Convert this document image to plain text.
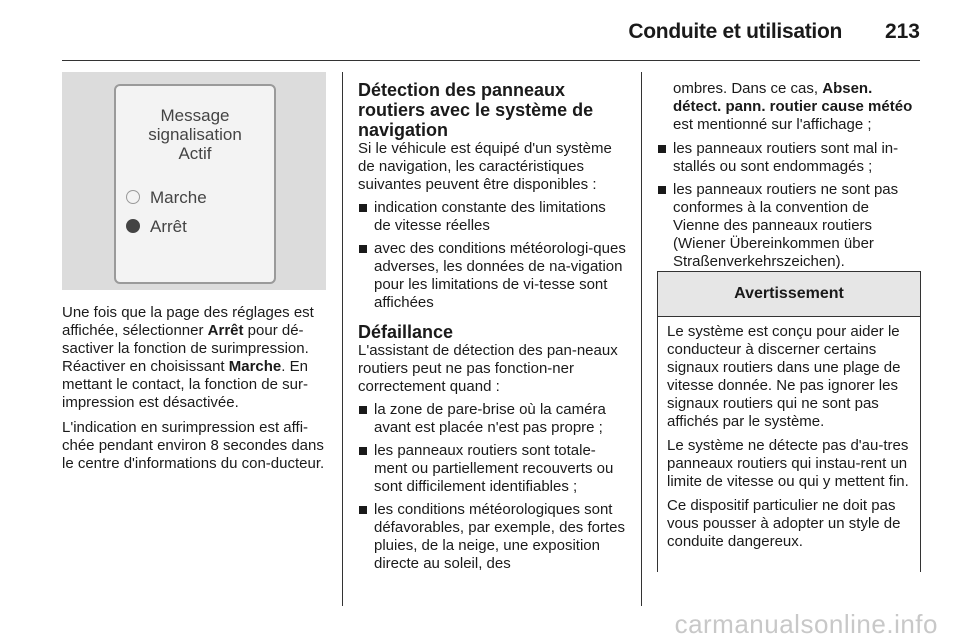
Conduite et utilisation 213
Message
signalisation
Actif
Marche
Arrêt

Une fois que la page des réglages est affichée, sélectionner Arrêt pour dé-sactiver la fonction de surimpression. Réactiver en choisissant Marche. En mettant le contact, la fonction de sur-impression est désactivée.

L'indication en surimpression est affi-chée pendant environ 8 secondes dans le centre d'informations du con-ducteur.

Détection des panneaux routiers avec le système de navigation

Si le véhicule est équipé d'un système de navigation, les caractéristiques suivantes peuvent être disponibles :

indication constante des limitations de vitesse réelles
avec des conditions météorologi-ques adverses, les données de na-vigation pour les limitations de vi-tesse sont affichées
Défaillance

L'assistant de détection des pan-neaux routiers peut ne pas fonction-ner correctement quand :

la zone de pare-brise où la caméra avant est placée n'est pas propre ;
les panneaux routiers sont totale-ment ou partiellement recouverts ou sont difficilement identifiables ;
les conditions météorologiques sont défavorables, par exemple, des fortes pluies, de la neige, une exposition directe au soleil, des

ombres. Dans ce cas, Absen. détect. pann. routier cause météo est mentionné sur l'affichage ;

les panneaux routiers sont mal in-stallés ou sont endommagés ;
les panneaux routiers ne sont pas conformes à la convention de Vienne des panneaux routiers (Wiener Übereinkommen über Straßenverkehrszeichen).
Avertissement

Le système est conçu pour aider le conducteur à discerner certains signaux routiers dans une plage de vitesse donnée. Ne pas ignorer les signaux routiers qui ne sont pas affichés par le système.

Le système ne détecte pas d'au-tres panneaux routiers qui instau-rent un limite de vitesse ou qui y mettent fin.

Ce dispositif particulier ne doit pas vous pousser à adopter un style de conduite dangereux.

carmanualsonline.info
